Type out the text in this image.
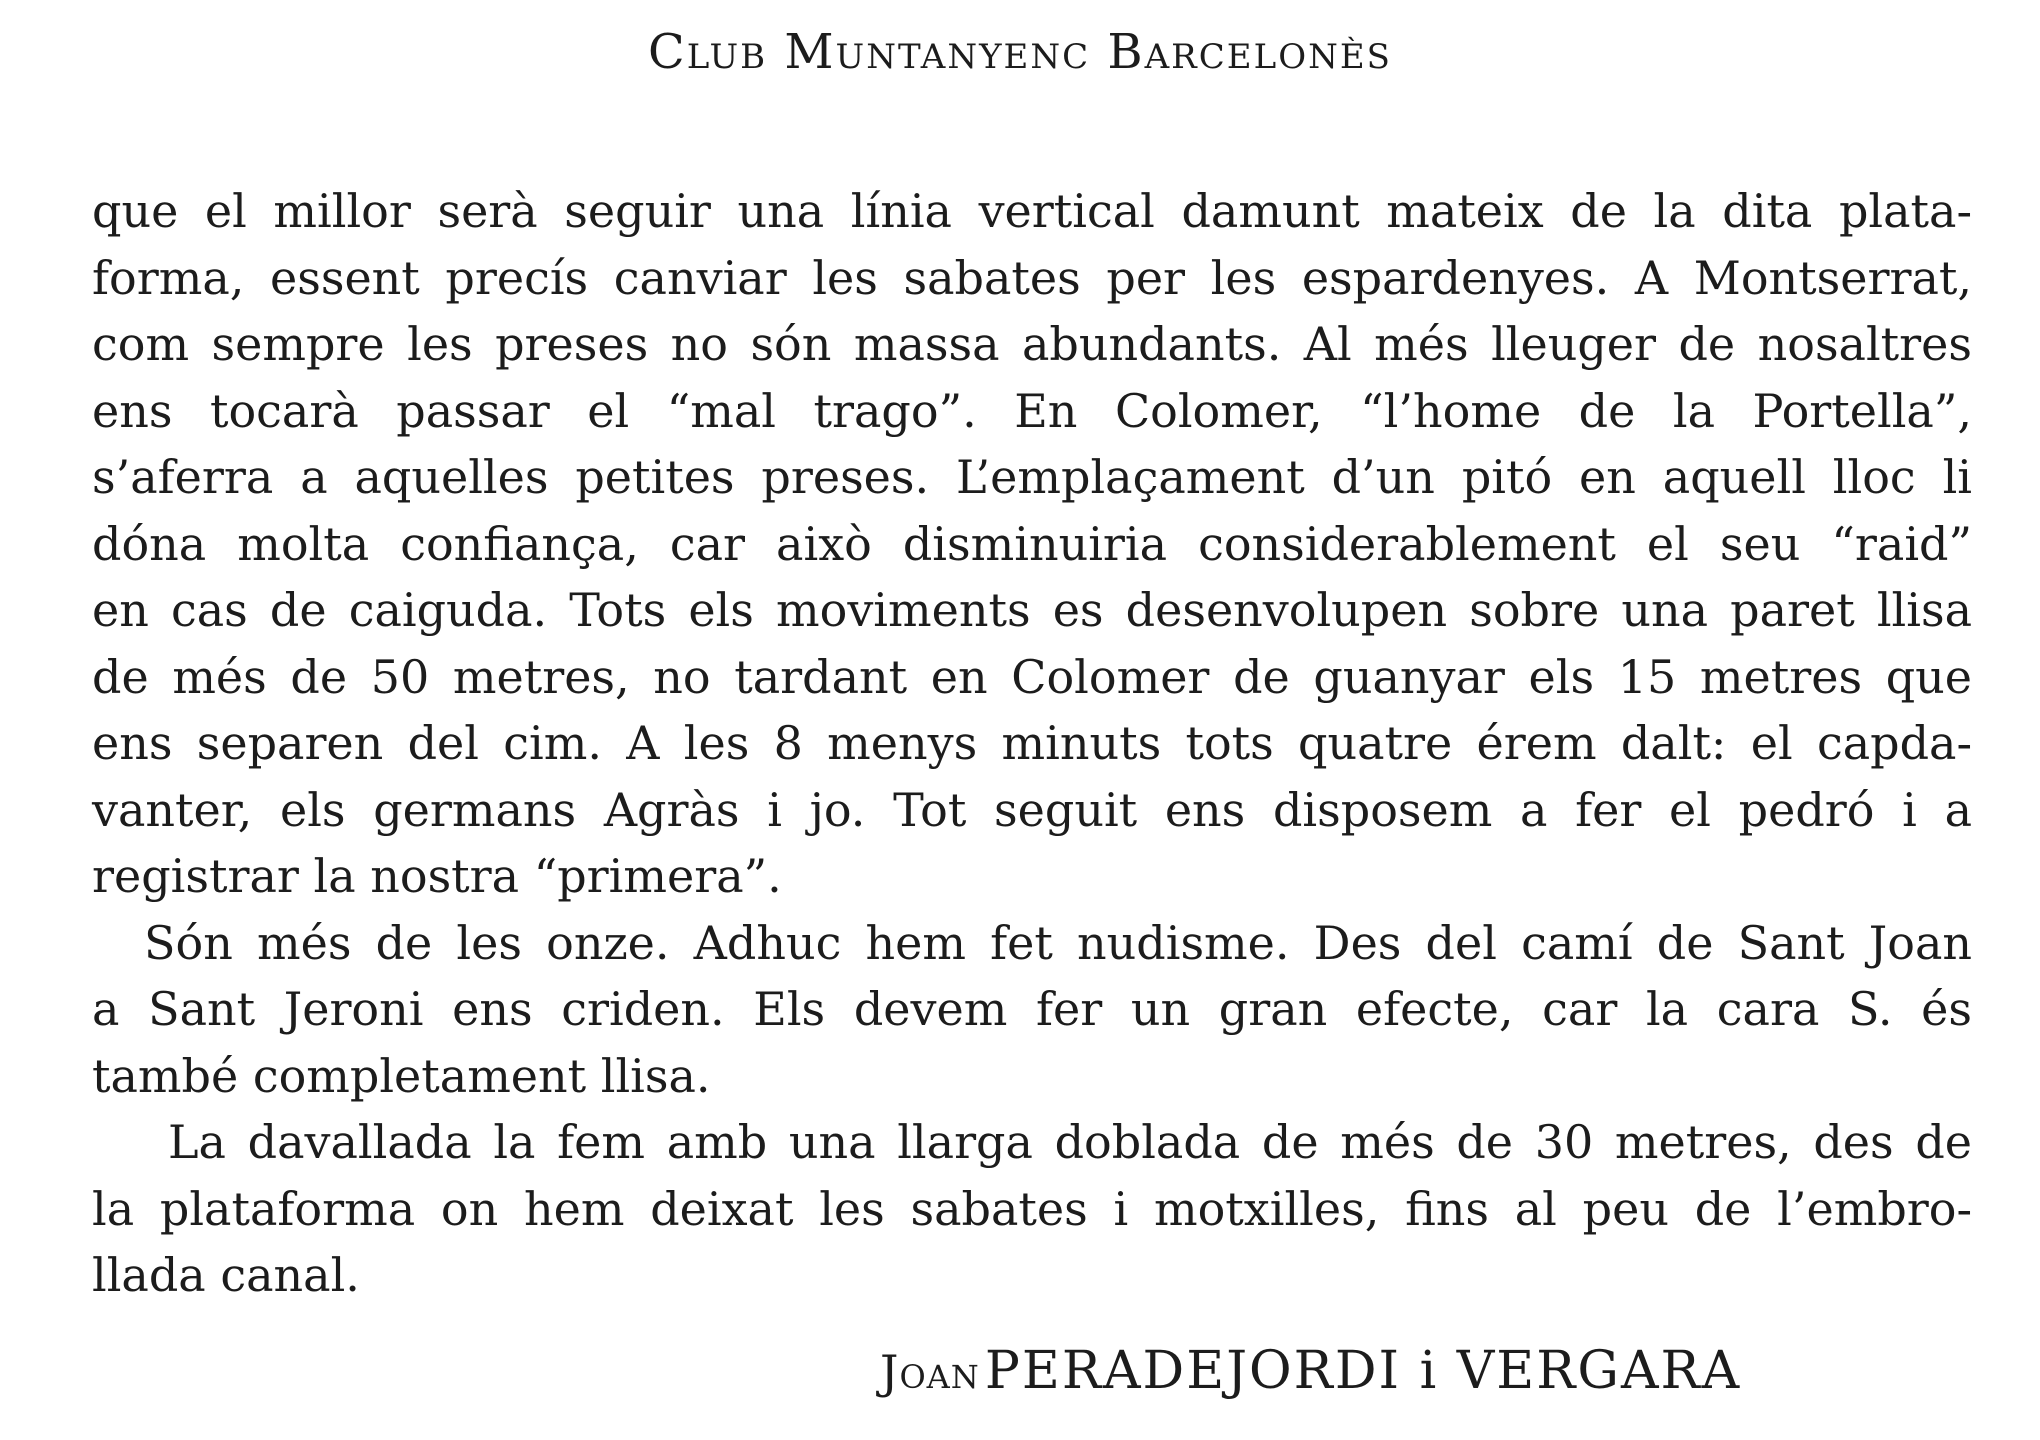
Club Muntanyenc Barcelonès
que el millor serà seguir una línia vertical damunt mateix de la dita plata-
forma, essent precís canviar les sabates per les espardenyes. A Montserrat,
com sempre les preses no són massa abundants. Al més lleuger de nosaltres
ens tocarà passar el “mal trago”. En Colomer, “l’home de la Portella”,
s’aferra a aquelles petites preses. L’emplaçament d’un pitó en aquell lloc li
dóna molta confiança, car això disminuiria considerablement el seu “raid”
en cas de caiguda. Tots els moviments es desenvolupen sobre una paret llisa
de més de 50 metres, no tardant en Colomer de guanyar els 15 metres que
ens separen del cim. A les 8 menys minuts tots quatre érem dalt: el capda-
vanter, els germans Agràs i jo. Tot seguit ens disposem a fer el pedró i a
registrar la nostra “primera”.
Són més de les onze. Adhuc hem fet nudisme. Des del camí de Sant Joan
a Sant Jeroni ens criden. Els devem fer un gran efecte, car la cara S. és
també completament llisa.
La davallada la fem amb una llarga doblada de més de 30 metres, des de
la plataforma on hem deixat les sabates i motxilles, fins al peu de l’embro-
llada canal.
Joan PERADEJORDI i VERGARA
